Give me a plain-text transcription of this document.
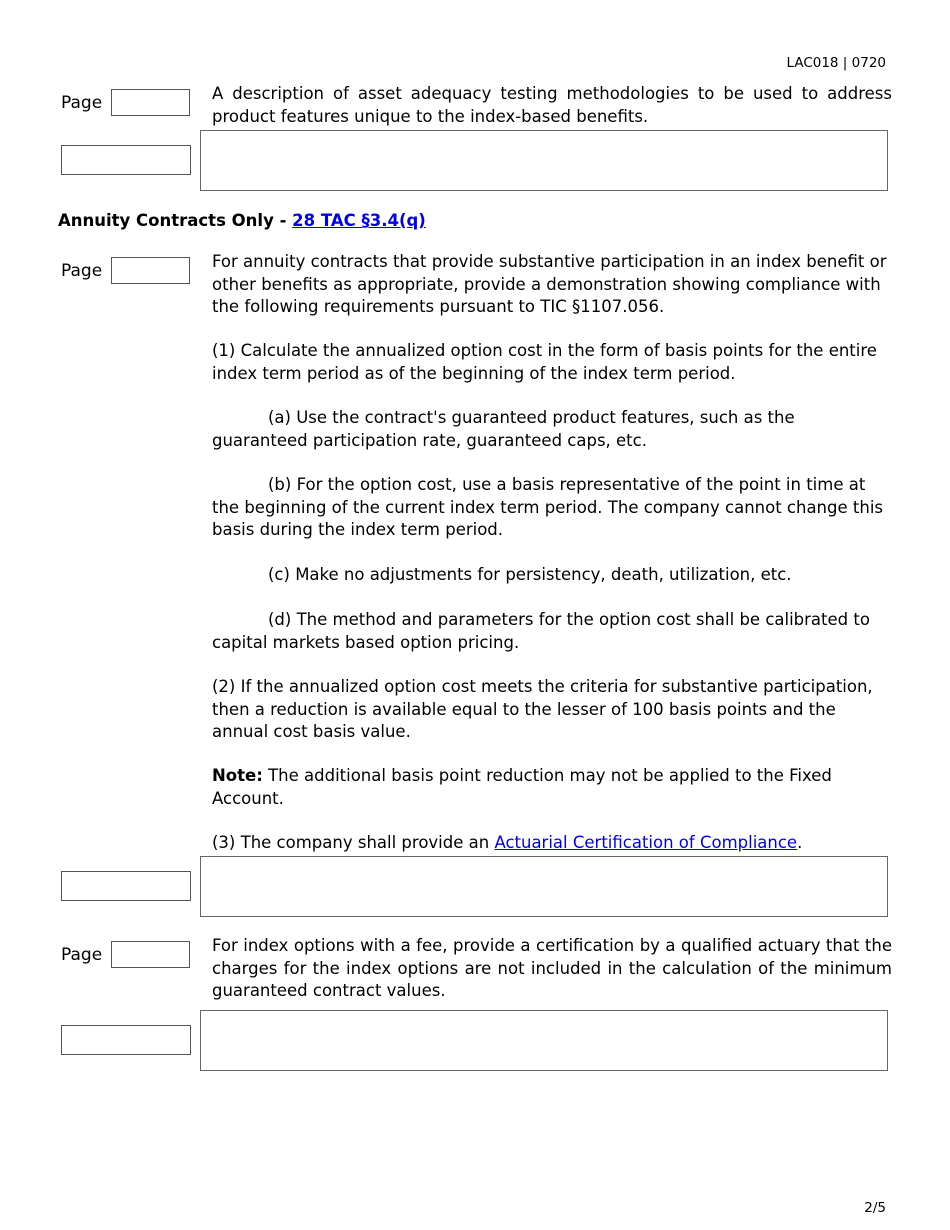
LAC018 | 0720
Page	A description of asset adequacy testing methodologies to be used to address product features unique to the index-based benefits.
Annuity Contracts Only - 28 TAC §3.4(q)
Page	For annuity contracts that provide substantive participation in an index benefit or other benefits as appropriate, provide a demonstration showing compliance with the following requirements pursuant to TIC §1107.056.
(1) Calculate the annualized option cost in the form of basis points for the entire index term period as of the beginning of the index term period.
(a) Use the contract's guaranteed product features, such as the guaranteed participation rate, guaranteed caps, etc.
(b) For the option cost, use a basis representative of the point in time at the beginning of the current index term period. The company cannot change this basis during the index term period.
(c) Make no adjustments for persistency, death, utilization, etc.
(d) The method and parameters for the option cost shall be calibrated to capital markets based option pricing.
(2) If the annualized option cost meets the criteria for substantive participation, then a reduction is available equal to the lesser of 100 basis points and the annual cost basis value.
Note: The additional basis point reduction may not be applied to the Fixed Account.
(3) The company shall provide an Actuarial Certification of Compliance.
Page	For index options with a fee, provide a certification by a qualified actuary that the charges for the index options are not included in the calculation of the minimum guaranteed contract values.
2/5
